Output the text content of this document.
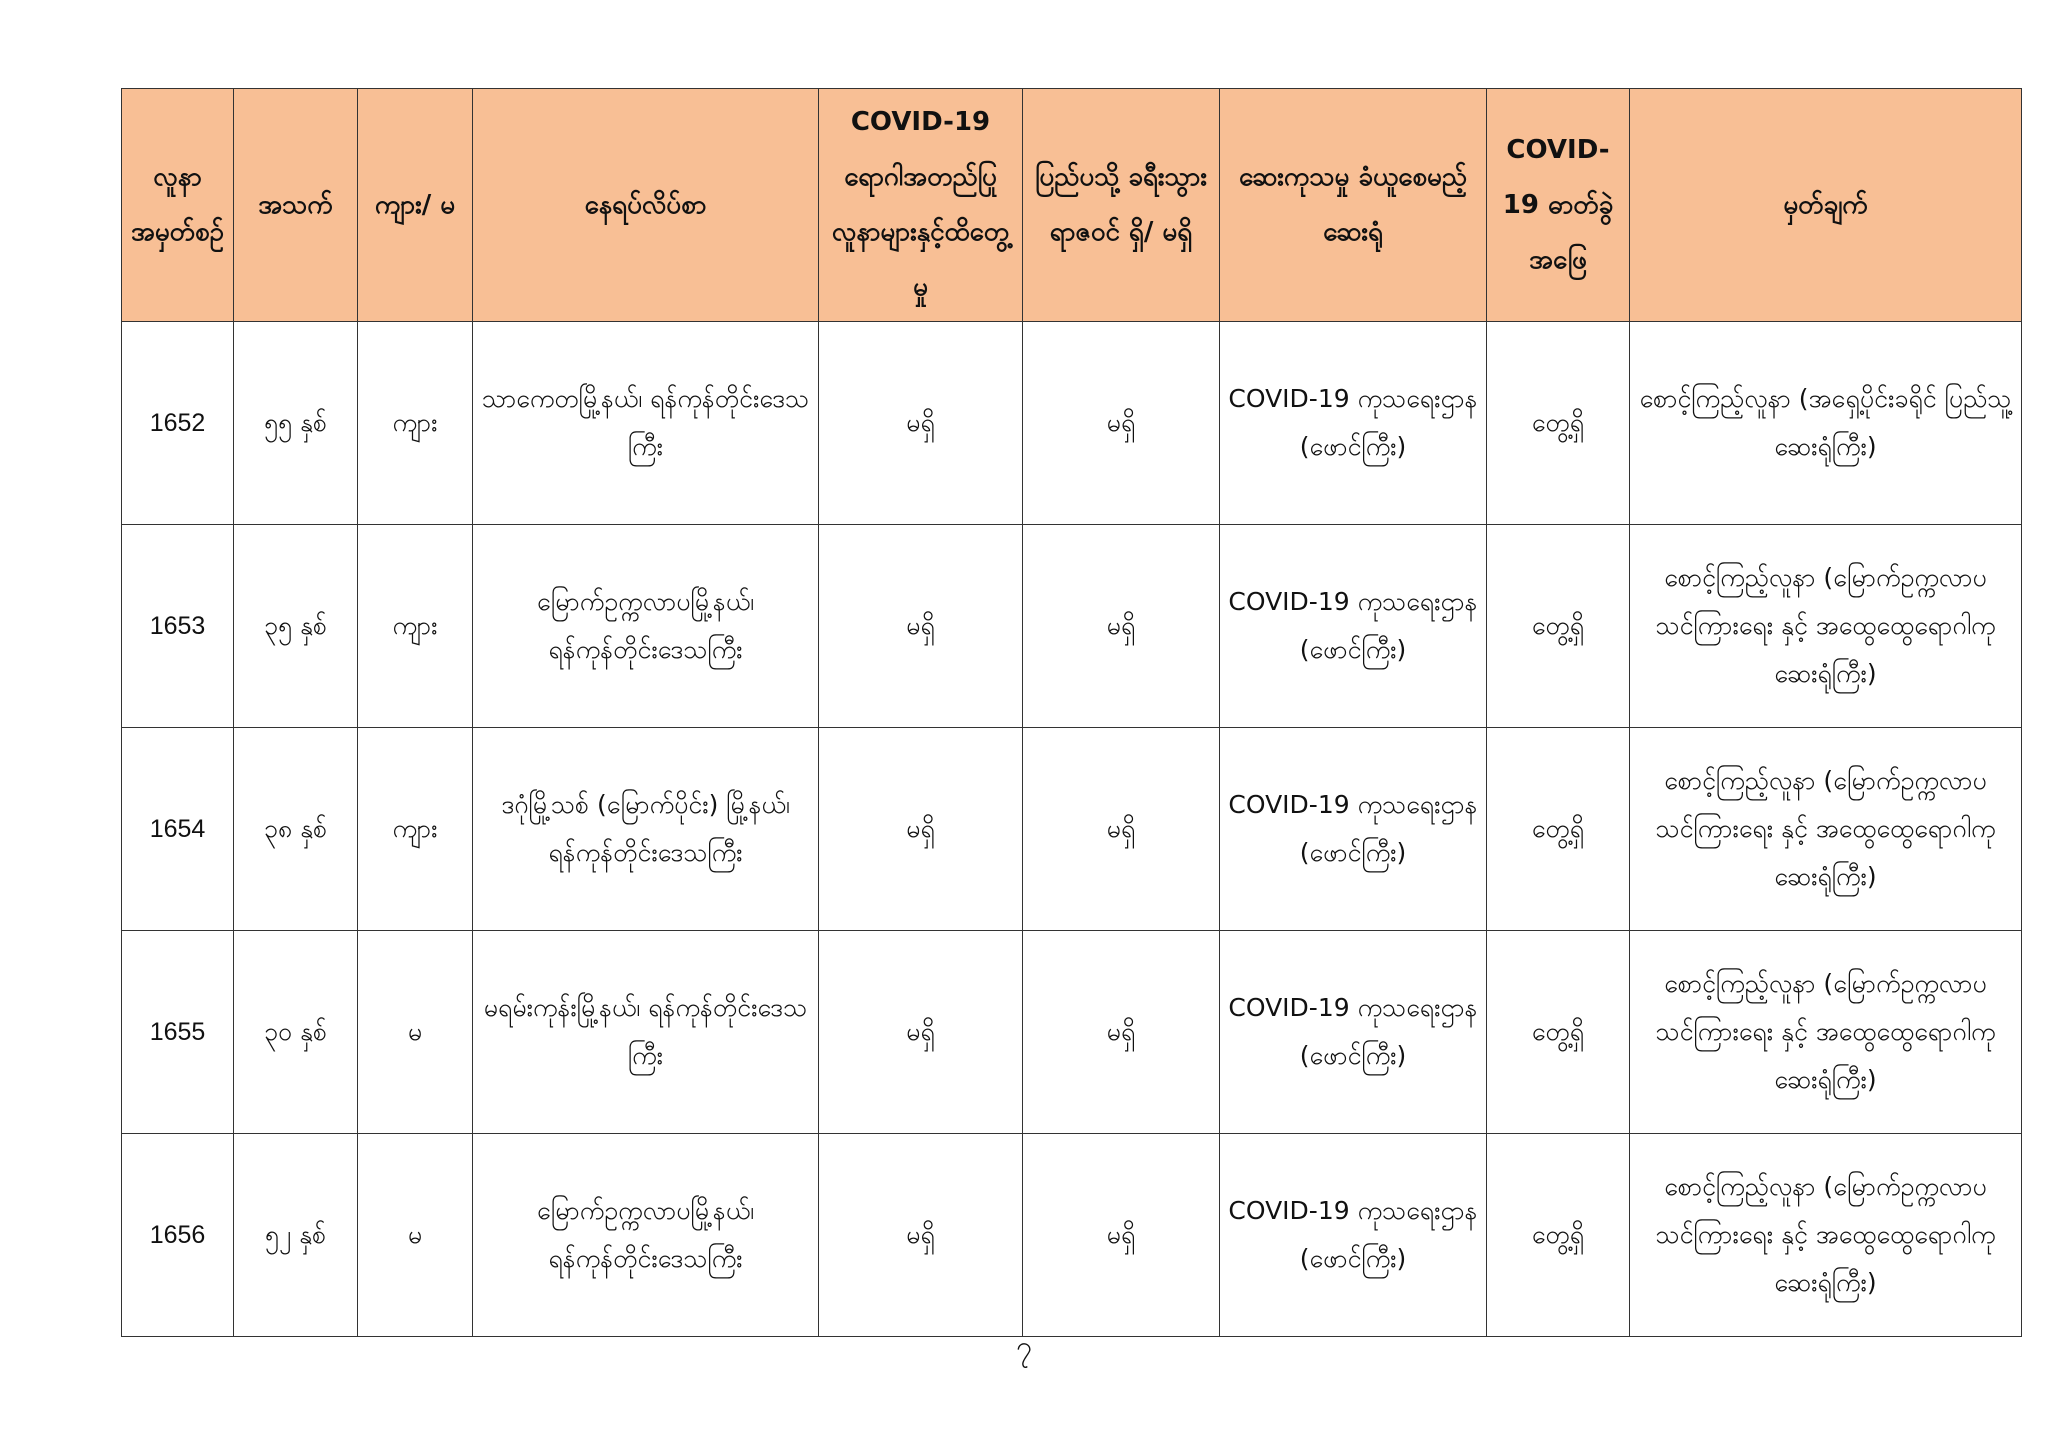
လူနာ အမှတ်စဉ်	အသက်	ကျား/ မ	နေရပ်လိပ်စာ	COVID-19 ရောဂါအတည်ပြု လူနာများနှင့်ထိတွေ့မှု	ပြည်ပသို့ ခရီးသွား ရာဇဝင် ရှိ/ မရှိ	ဆေးကုသမှု ခံယူစေမည့် ဆေးရုံ	COVID-19 ဓာတ်ခွဲ အဖြေ	မှတ်ချက်
1652	၅၅ နှစ်	ကျား	သာကေတမြို့နယ်၊ ရန်ကုန်တိုင်းဒေသကြီး	မရှိ	မရှိ	COVID-19 ကုသရေးဌာန (ဖောင်ကြီး)	တွေ့ရှိ	စောင့်ကြည့်လူနာ (အရှေ့ပိုင်းခရိုင် ပြည်သူ့ဆေးရုံကြီး)
1653	၃၅ နှစ်	ကျား	မြောက်ဥက္ကလာပမြို့နယ်၊ ရန်ကုန်တိုင်းဒေသကြီး	မရှိ	မရှိ	COVID-19 ကုသရေးဌာန (ဖောင်ကြီး)	တွေ့ရှိ	စောင့်ကြည့်လူနာ (မြောက်ဥက္ကလာပ သင်ကြားရေး နှင့် အထွေထွေရောဂါကု ဆေးရုံကြီး)
1654	၃၈ နှစ်	ကျား	ဒဂုံမြို့သစ် (မြောက်ပိုင်း) မြို့နယ်၊ ရန်ကုန်တိုင်းဒေသကြီး	မရှိ	မရှိ	COVID-19 ကုသရေးဌာန (ဖောင်ကြီး)	တွေ့ရှိ	စောင့်ကြည့်လူနာ (မြောက်ဥက္ကလာပ သင်ကြားရေး နှင့် အထွေထွေရောဂါကု ဆေးရုံကြီး)
1655	၃၀ နှစ်	မ	မရမ်းကုန်းမြို့နယ်၊ ရန်ကုန်တိုင်းဒေသကြီး	မရှိ	မရှိ	COVID-19 ကုသရေးဌာန (ဖောင်ကြီး)	တွေ့ရှိ	စောင့်ကြည့်လူနာ (မြောက်ဥက္ကလာပ သင်ကြားရေး နှင့် အထွေထွေရောဂါကု ဆေးရုံကြီး)
1656	၅၂ နှစ်	မ	မြောက်ဥက္ကလာပမြို့နယ်၊ ရန်ကုန်တိုင်းဒေသကြီး	မရှိ	မရှိ	COVID-19 ကုသရေးဌာန (ဖောင်ကြီး)	တွေ့ရှိ	စောင့်ကြည့်လူနာ (မြောက်ဥက္ကလာပ သင်ကြားရေး နှင့် အထွေထွေရောဂါကု ဆေးရုံကြီး)
၇
